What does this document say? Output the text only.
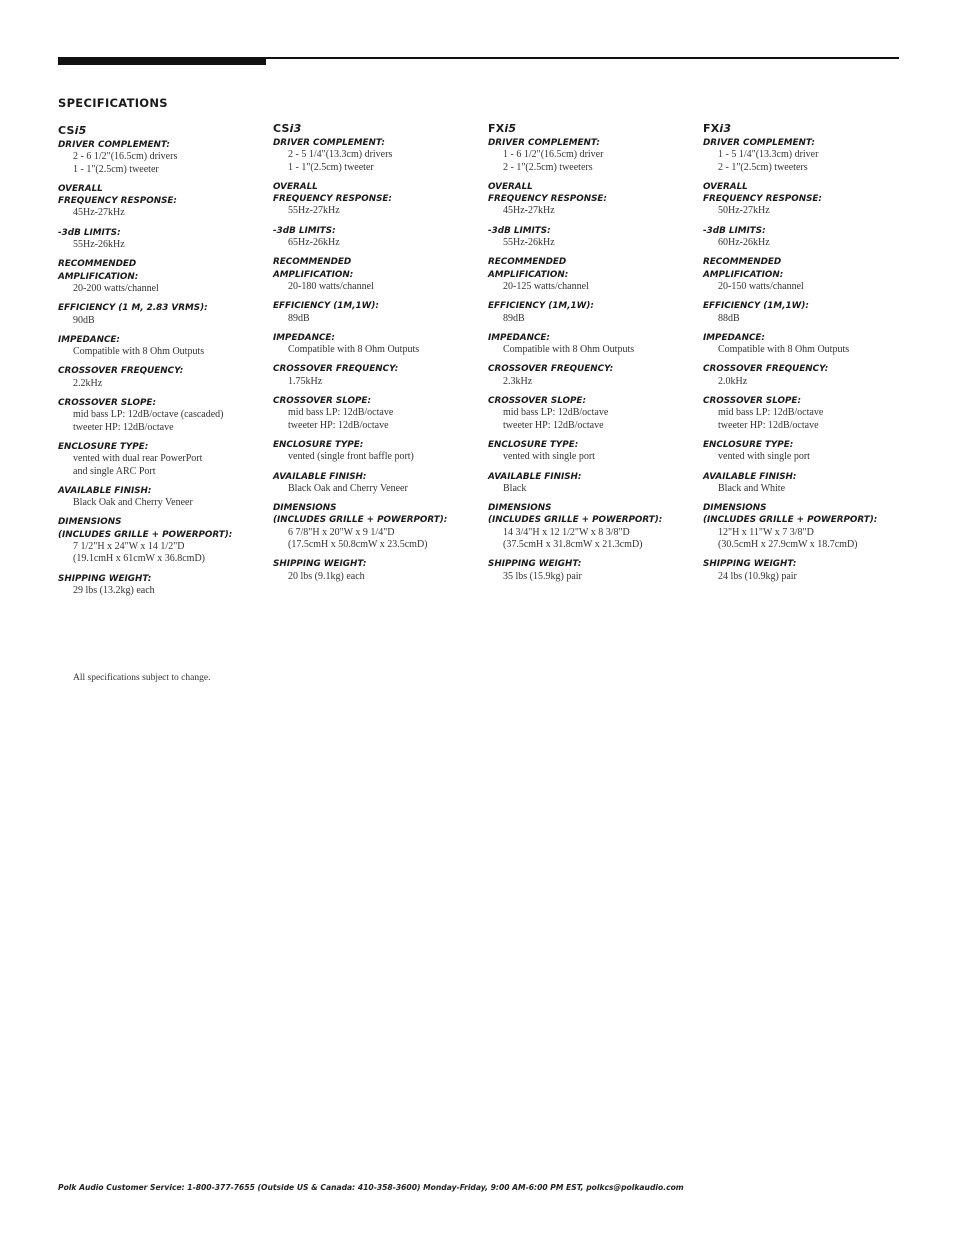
SPECIFICATIONS
CSi5
DRIVER COMPLEMENT:
2 - 6 1/2"(16.5cm) drivers
1 - 1"(2.5cm) tweeter
OVERALL
FREQUENCY RESPONSE:
45Hz-27kHz
-3dB LIMITS:
55Hz-26kHz
RECOMMENDED
AMPLIFICATION:
20-200 watts/channel
EFFICIENCY (1 M, 2.83 VRMS):
90dB
IMPEDANCE:
Compatible with 8 Ohm Outputs
CROSSOVER FREQUENCY:
2.2kHz
CROSSOVER SLOPE:
mid bass LP: 12dB/octave (cascaded)
tweeter HP: 12dB/octave
ENCLOSURE TYPE:
vented with dual rear PowerPort
and single ARC Port
AVAILABLE FINISH:
Black Oak and Cherry Veneer
DIMENSIONS
(INCLUDES GRILLE + POWERPORT):
7 1/2"H x 24"W x 14 1/2"D
(19.1cmH x 61cmW x 36.8cmD)
SHIPPING WEIGHT:
29 lbs (13.2kg) each
CSi3
DRIVER COMPLEMENT:
2 - 5 1/4"(13.3cm) drivers
1 - 1"(2.5cm) tweeter
OVERALL
FREQUENCY RESPONSE:
55Hz-27kHz
-3dB LIMITS:
65Hz-26kHz
RECOMMENDED
AMPLIFICATION:
20-180 watts/channel
EFFICIENCY (1M,1W):
89dB
IMPEDANCE:
Compatible with 8 Ohm Outputs
CROSSOVER FREQUENCY:
1.75kHz
CROSSOVER SLOPE:
mid bass LP: 12dB/octave
tweeter HP: 12dB/octave
ENCLOSURE TYPE:
vented (single front baffle port)
AVAILABLE FINISH:
Black Oak and Cherry Veneer
DIMENSIONS
(INCLUDES GRILLE + POWERPORT):
6 7/8"H x 20"W x 9 1/4"D
(17.5cmH x 50.8cmW x 23.5cmD)
SHIPPING WEIGHT:
20 lbs (9.1kg) each
FXi5
DRIVER COMPLEMENT:
1 - 6 1/2"(16.5cm) driver
2 - 1"(2.5cm) tweeters
OVERALL
FREQUENCY RESPONSE:
45Hz-27kHz
-3dB LIMITS:
55Hz-26kHz
RECOMMENDED
AMPLIFICATION:
20-125 watts/channel
EFFICIENCY (1M,1W):
89dB
IMPEDANCE:
Compatible with 8 Ohm Outputs
CROSSOVER FREQUENCY:
2.3kHz
CROSSOVER SLOPE:
mid bass LP: 12dB/octave
tweeter HP: 12dB/octave
ENCLOSURE TYPE:
vented with single port
AVAILABLE FINISH:
Black
DIMENSIONS
(INCLUDES GRILLE + POWERPORT):
14 3/4"H x 12 1/2"W x 8 3/8"D
(37.5cmH x 31.8cmW x 21.3cmD)
SHIPPING WEIGHT:
35 lbs (15.9kg) pair
FXi3
DRIVER COMPLEMENT:
1 - 5 1/4"(13.3cm) driver
2 - 1"(2.5cm) tweeters
OVERALL
FREQUENCY RESPONSE:
50Hz-27kHz
-3dB LIMITS:
60Hz-26kHz
RECOMMENDED
AMPLIFICATION:
20-150 watts/channel
EFFICIENCY (1M,1W):
88dB
IMPEDANCE:
Compatible with 8 Ohm Outputs
CROSSOVER FREQUENCY:
2.0kHz
CROSSOVER SLOPE:
mid bass LP: 12dB/octave
tweeter HP: 12dB/octave
ENCLOSURE TYPE:
vented with single port
AVAILABLE FINISH:
Black and White
DIMENSIONS
(INCLUDES GRILLE + POWERPORT):
12"H x 11"W x 7 3/8"D
(30.5cmH x 27.9cmW x 18.7cmD)
SHIPPING WEIGHT:
24 lbs (10.9kg) pair
All specifications subject to change.
Polk Audio Customer Service: 1-800-377-7655 (Outside US & Canada: 410-358-3600) Monday-Friday, 9:00 AM-6:00 PM EST, polkcs@polkaudio.com
